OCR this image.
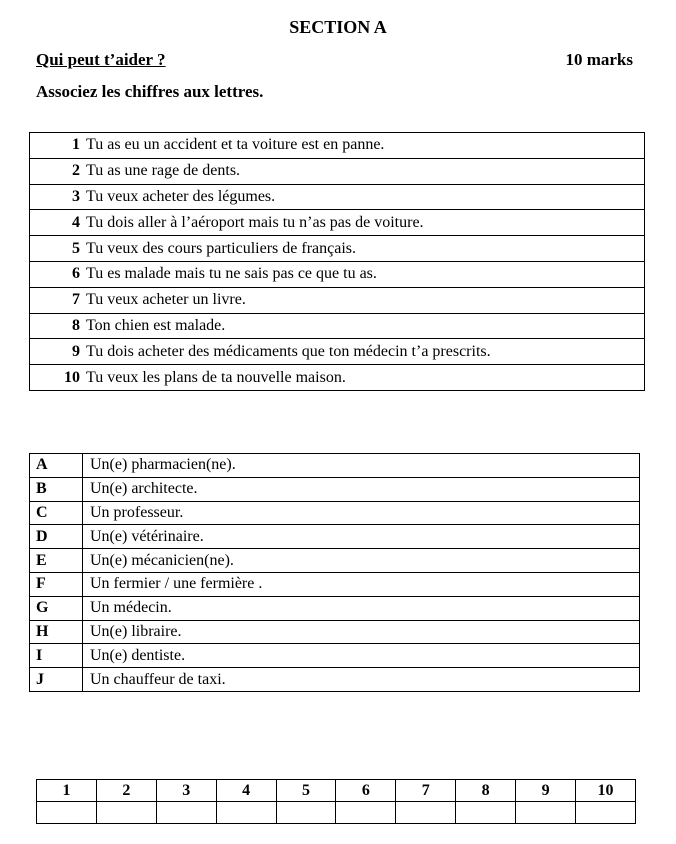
SECTION A
Qui peut t’aider ?	10 marks
Associez les chiffres aux lettres.
1	Tu as eu un accident et ta voiture est en panne.
2	Tu as une rage de dents.
3	Tu veux acheter des légumes.
4	Tu dois aller à l’aéroport mais tu n’as pas de voiture.
5	Tu veux des cours particuliers de français.
6	Tu es malade mais tu ne sais pas ce que tu as.
7	Tu veux acheter un livre.
8	Ton chien est malade.
9	Tu dois acheter des médicaments que ton médecin t’a prescrits.
10	Tu veux les plans de ta nouvelle maison.
A	Un(e) pharmacien(ne).
B	Un(e) architecte.
C	Un professeur.
D	Un(e) vétérinaire.
E	Un(e) mécanicien(ne).
F	Un fermier / une fermière .
G	Un médecin.
H	Un(e) libraire.
I	Un(e) dentiste.
J	Un chauffeur de taxi.
1	2	3	4	5	6	7	8	9	10
